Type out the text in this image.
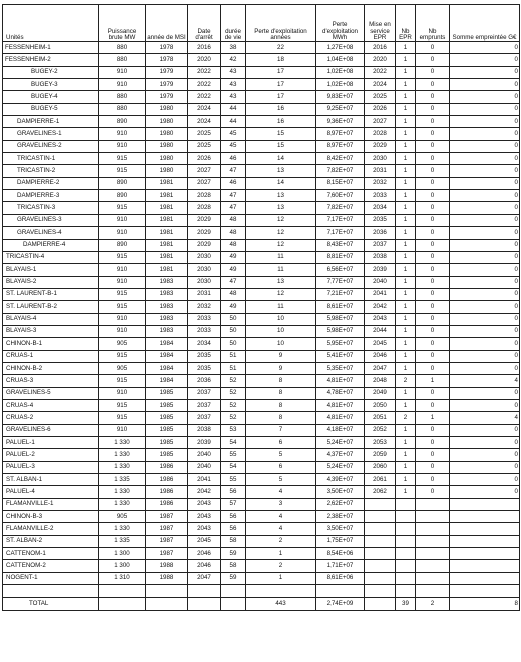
Unités	Puissance brute MW	année de MSI	Date d'arrêt	durée de vie	Perte d'exploitation années	Perte d'exploitation MWh	Mise en service EPR	Nb EPR	Nb emprunts	Somme empreintée G€
FESSENHEIM-1	880	1978	2016	38	22	1,27E+08	2016	1	0	0
FESSENHEIM-2	880	1978	2020	42	18	1,04E+08	2020	1	0	0
BUGEY-2	910	1979	2022	43	17	1,02E+08	2022	1	0	0
BUGEY-3	910	1979	2022	43	17	1,02E+08	2024	1	0	0
BUGEY-4	880	1979	2022	43	17	9,83E+07	2025	1	0	0
BUGEY-5	880	1980	2024	44	16	9,25E+07	2026	1	0	0
DAMPIERRE-1	890	1980	2024	44	16	9,36E+07	2027	1	0	0
GRAVELINES-1	910	1980	2025	45	15	8,97E+07	2028	1	0	0
GRAVELINES-2	910	1980	2025	45	15	8,97E+07	2029	1	0	0
TRICASTIN-1	915	1980	2026	46	14	8,42E+07	2030	1	0	0
TRICASTIN-2	915	1980	2027	47	13	7,82E+07	2031	1	0	0
DAMPIERRE-2	890	1981	2027	46	14	8,15E+07	2032	1	0	0
DAMPIERRE-3	890	1981	2028	47	13	7,60E+07	2033	1	0	0
TRICASTIN-3	915	1981	2028	47	13	7,82E+07	2034	1	0	0
GRAVELINES-3	910	1981	2029	48	12	7,17E+07	2035	1	0	0
GRAVELINES-4	910	1981	2029	48	12	7,17E+07	2036	1	0	0
DAMPIERRE-4	890	1981	2029	48	12	8,43E+07	2037	1	0	0
TRICASTIN-4	915	1981	2030	49	11	8,81E+07	2038	1	0	0
BLAYAIS-1	910	1981	2030	49	11	6,56E+07	2039	1	0	0
BLAYAIS-2	910	1983	2030	47	13	7,77E+07	2040	1	0	0
ST. LAURENT-B-1	915	1983	2031	48	12	7,21E+07	2041	1	0	0
ST. LAURENT-B-2	915	1983	2032	49	11	8,61E+07	2042	1	0	0
BLAYAIS-4	910	1983	2033	50	10	5,98E+07	2043	1	0	0
BLAYAIS-3	910	1983	2033	50	10	5,98E+07	2044	1	0	0
CHINON-B-1	905	1984	2034	50	10	5,95E+07	2045	1	0	0
CRUAS-1	915	1984	2035	51	9	5,41E+07	2046	1	0	0
CHINON-B-2	905	1984	2035	51	9	5,35E+07	2047	1	0	0
CRUAS-3	915	1984	2036	52	8	4,81E+07	2048	2	1	4
GRAVELINES-5	910	1985	2037	52	8	4,78E+07	2049	1	0	0
CRUAS-4	915	1985	2037	52	8	4,81E+07	2050	1	0	0
CRUAS-2	915	1985	2037	52	8	4,81E+07	2051	2	1	4
GRAVELINES-6	910	1985	2038	53	7	4,18E+07	2052	1	0	0
PALUEL-1	1 330	1985	2039	54	6	5,24E+07	2053	1	0	0
PALUEL-2	1 330	1985	2040	55	5	4,37E+07	2059	1	0	0
PALUEL-3	1 330	1986	2040	54	6	5,24E+07	2060	1	0	0
ST. ALBAN-1	1 335	1986	2041	55	5	4,39E+07	2061	1	0	0
PALUEL-4	1 330	1986	2042	56	4	3,50E+07	2062	1	0	0
FLAMANVILLE-1	1 330	1986	2043	57	3	2,62E+07				
CHINON-B-3	905	1987	2043	56	4	2,38E+07				
FLAMANVILLE-2	1 330	1987	2043	56	4	3,50E+07				
ST. ALBAN-2	1 335	1987	2045	58	2	1,75E+07				
CATTENOM-1	1 300	1987	2046	59	1	8,54E+06				
CATTENOM-2	1 300	1988	2046	58	2	1,71E+07				
NOGENT-1	1 310	1988	2047	59	1	8,61E+06				

TOTAL					443	2,74E+09		39	2	8
